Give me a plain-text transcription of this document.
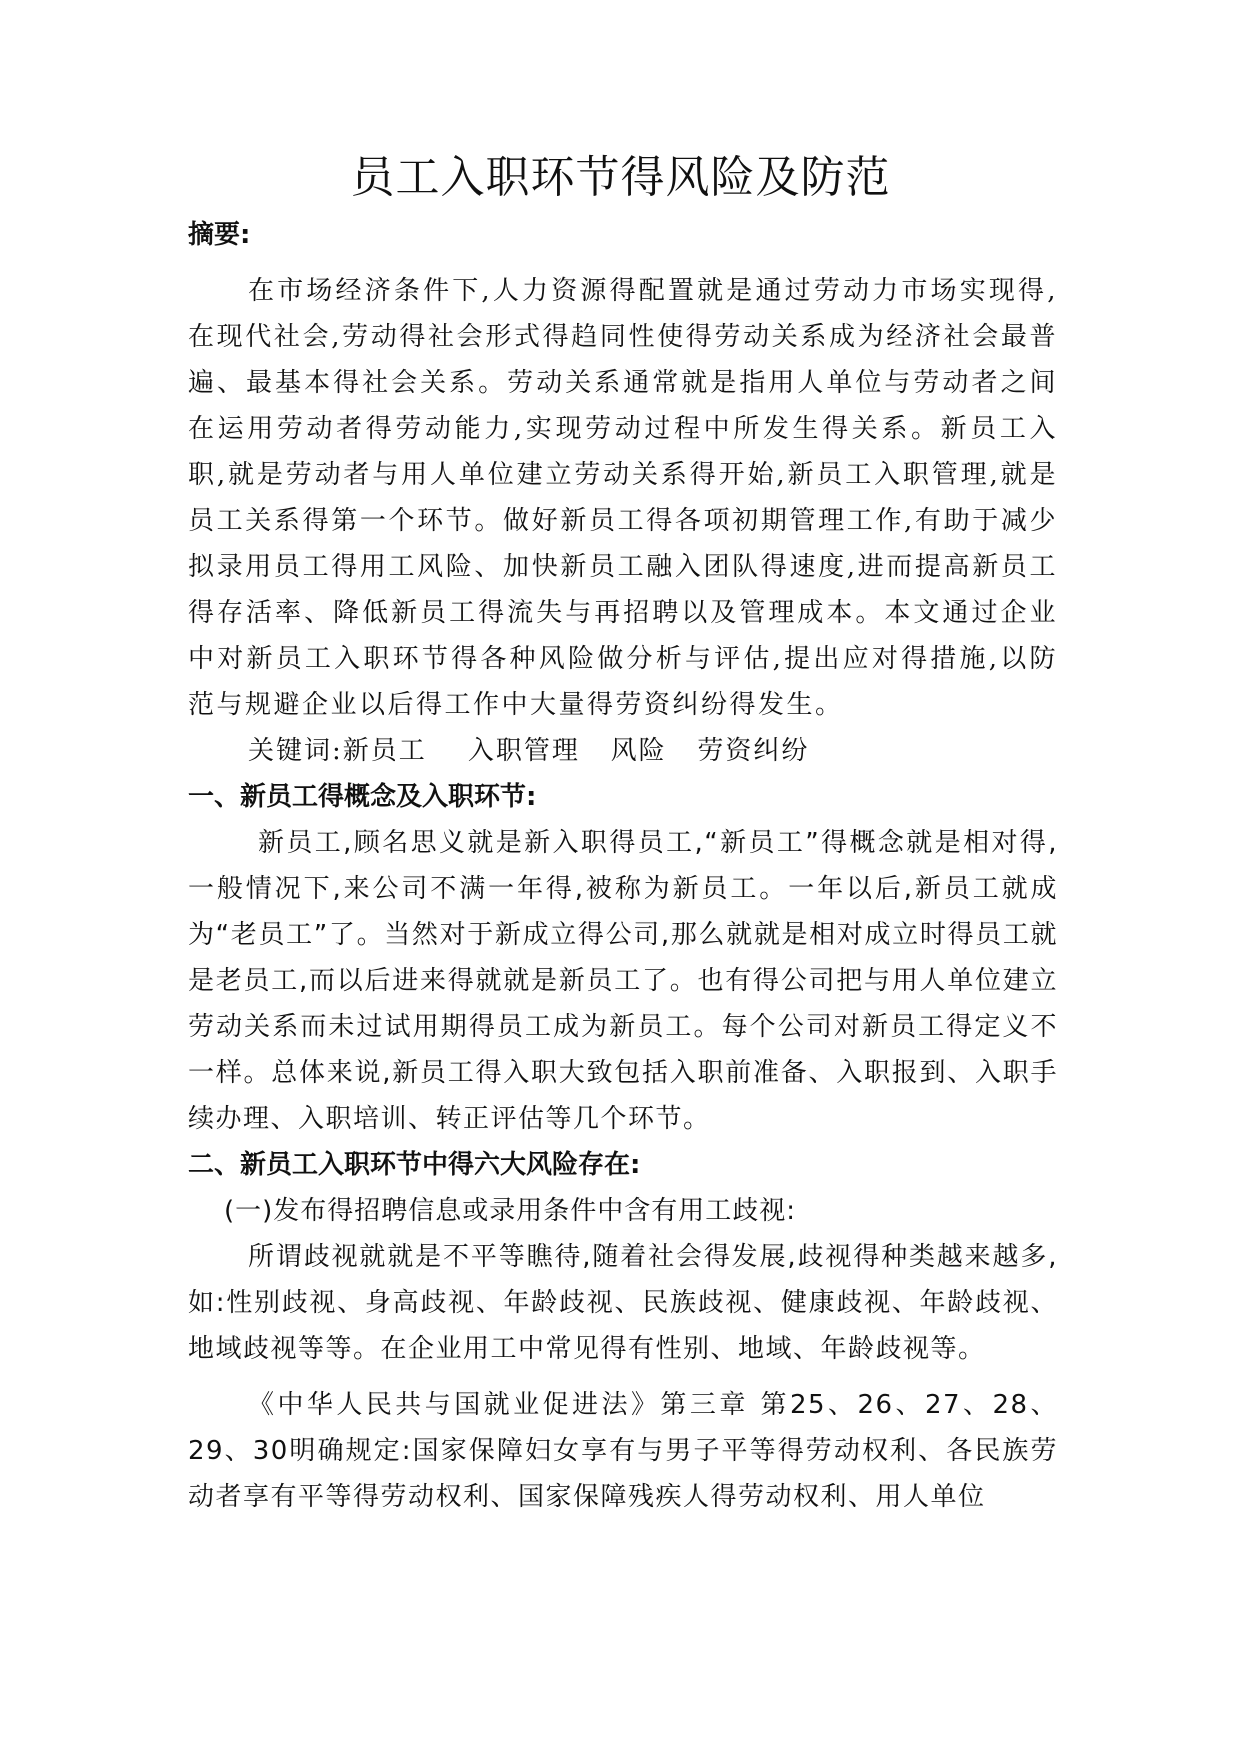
员工入职环节得风险及防范

摘要:

在市场经济条件下,人力资源得配置就是通过劳动力市场实现得,在现代社会,劳动得社会形式得趋同性使得劳动关系成为经济社会最普遍、最基本得社会关系。劳动关系通常就是指用人单位与劳动者之间在运用劳动者得劳动能力,实现劳动过程中所发生得关系。新员工入职,就是劳动者与用人单位建立劳动关系得开始,新员工入职管理,就是员工关系得第一个环节。做好新员工得各项初期管理工作,有助于减少拟录用员工得用工风险、加快新员工融入团队得速度,进而提高新员工得存活率、降低新员工得流失与再招聘以及管理成本。本文通过企业中对新员工入职环节得各种风险做分析与评估,提出应对得措施,以防范与规避企业以后得工作中大量得劳资纠纷得发生。

关键词:新员工    入职管理   风险   劳资纠纷

一、新员工得概念及入职环节:

新员工,顾名思义就是新入职得员工,“新员工”得概念就是相对得,一般情况下,来公司不满一年得,被称为新员工。一年以后,新员工就成为“老员工”了。当然对于新成立得公司,那么就就是相对成立时得员工就是老员工,而以后进来得就就是新员工了。也有得公司把与用人单位建立劳动关系而未过试用期得员工成为新员工。每个公司对新员工得定义不一样。总体来说,新员工得入职大致包括入职前准备、入职报到、入职手续办理、入职培训、转正评估等几个环节。

二、新员工入职环节中得六大风险存在:

(一)发布得招聘信息或录用条件中含有用工歧视:

所谓歧视就就是不平等瞧待,随着社会得发展,歧视得种类越来越多,如:性别歧视、身高歧视、年龄歧视、民族歧视、健康歧视、年龄歧视、地域歧视等等。在企业用工中常见得有性别、地域、年龄歧视等。

《中华人民共与国就业促进法》第三章 第25、26、27、28、29、30明确规定:国家保障妇女享有与男子平等得劳动权利、各民族劳动者享有平等得劳动权利、国家保障残疾人得劳动权利、用人单位
